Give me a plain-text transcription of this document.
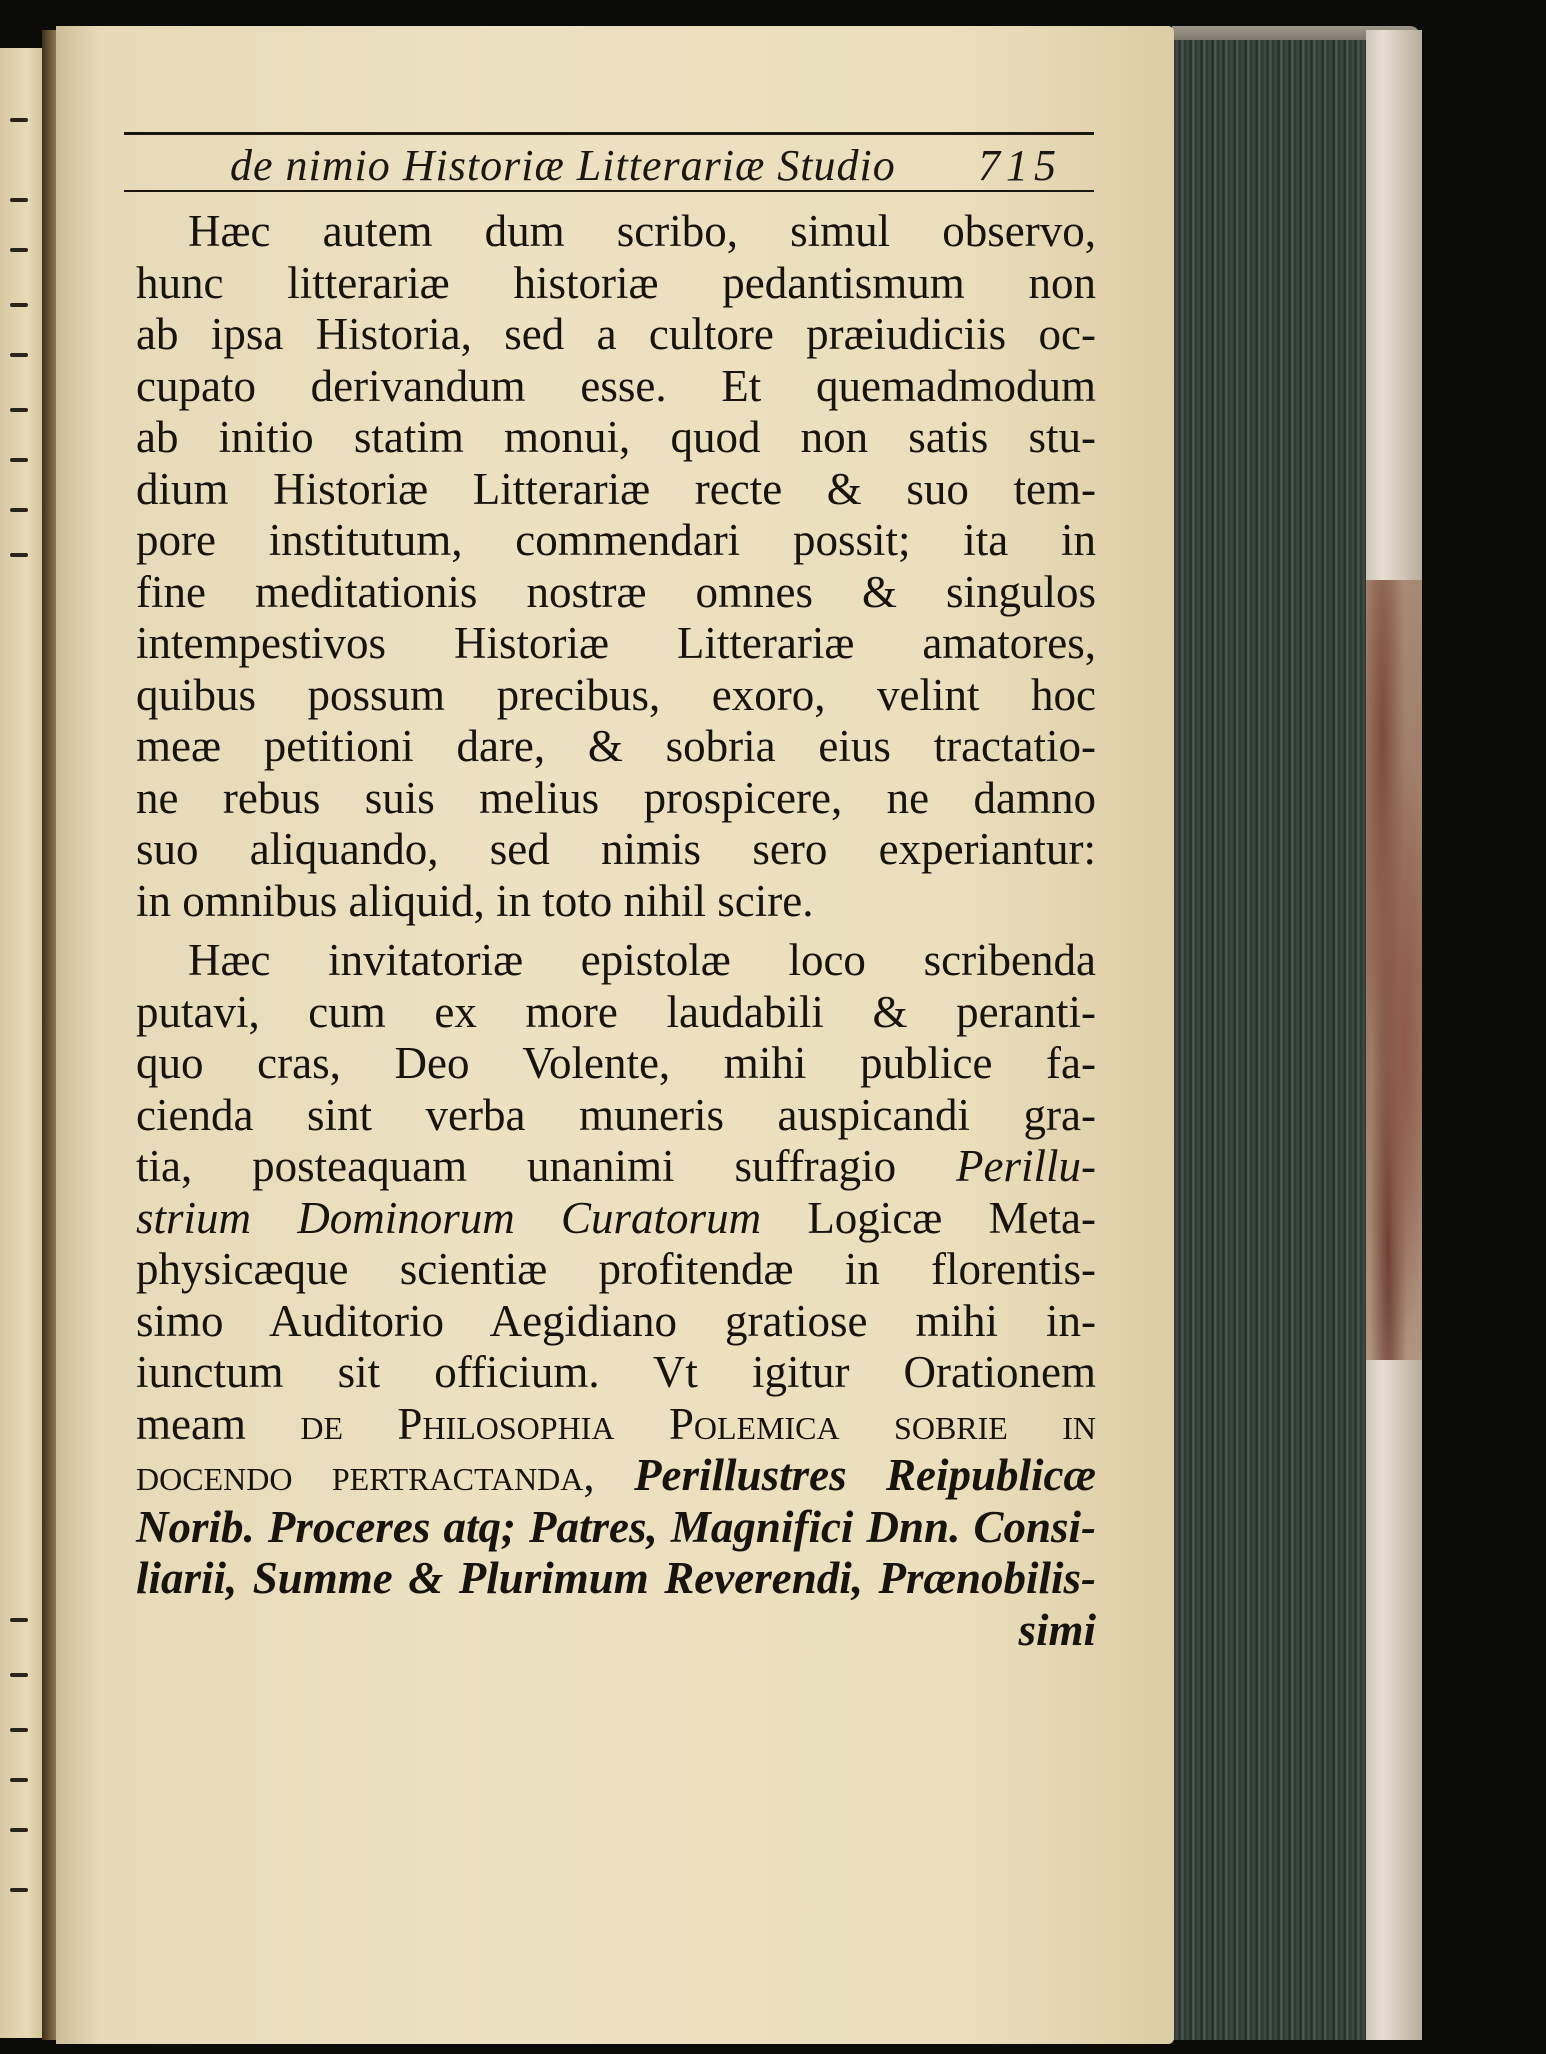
de nimio Historiæ Litterariæ Studio 715
Hæc autem dum scribo, simul observo,
hunc litterariæ historiæ pedantismum non
ab ipsa Historia, sed a cultore præiudiciis oc-
cupato derivandum esse. Et quemadmodum
ab initio statim monui, quod non satis stu-
dium Historiæ Litterariæ recte & suo tem-
pore institutum, commendari possit; ita in
fine meditationis nostræ omnes & singulos
intempestivos Historiæ Litterariæ amatores,
quibus possum precibus, exoro, velint hoc
meæ petitioni dare, & sobria eius tractatio-
ne rebus suis melius prospicere, ne damno
suo aliquando, sed nimis sero experiantur:
in omnibus aliquid, in toto nihil scire.
Hæc invitatoriæ epistolæ loco scribenda
putavi, cum ex more laudabili & peranti-
quo cras, Deo Volente, mihi publice fa-
cienda sint verba muneris auspicandi gra-
tia, posteaquam unanimi suffragio Perillu-
strium Dominorum Curatorum Logicæ Meta-
physicæque scientiæ profitendæ in florentis-
simo Auditorio Aegidiano gratiose mihi in-
iunctum sit officium. Vt igitur Orationem
meam de Philosophia Polemica sobrie in
docendo pertractanda, Perillustres Reipublicæ
Norib. Proceres atq; Patres, Magnifici Dnn. Consi-
liarii, Summe & Plurimum Reverendi, Prænobilis-
simi
